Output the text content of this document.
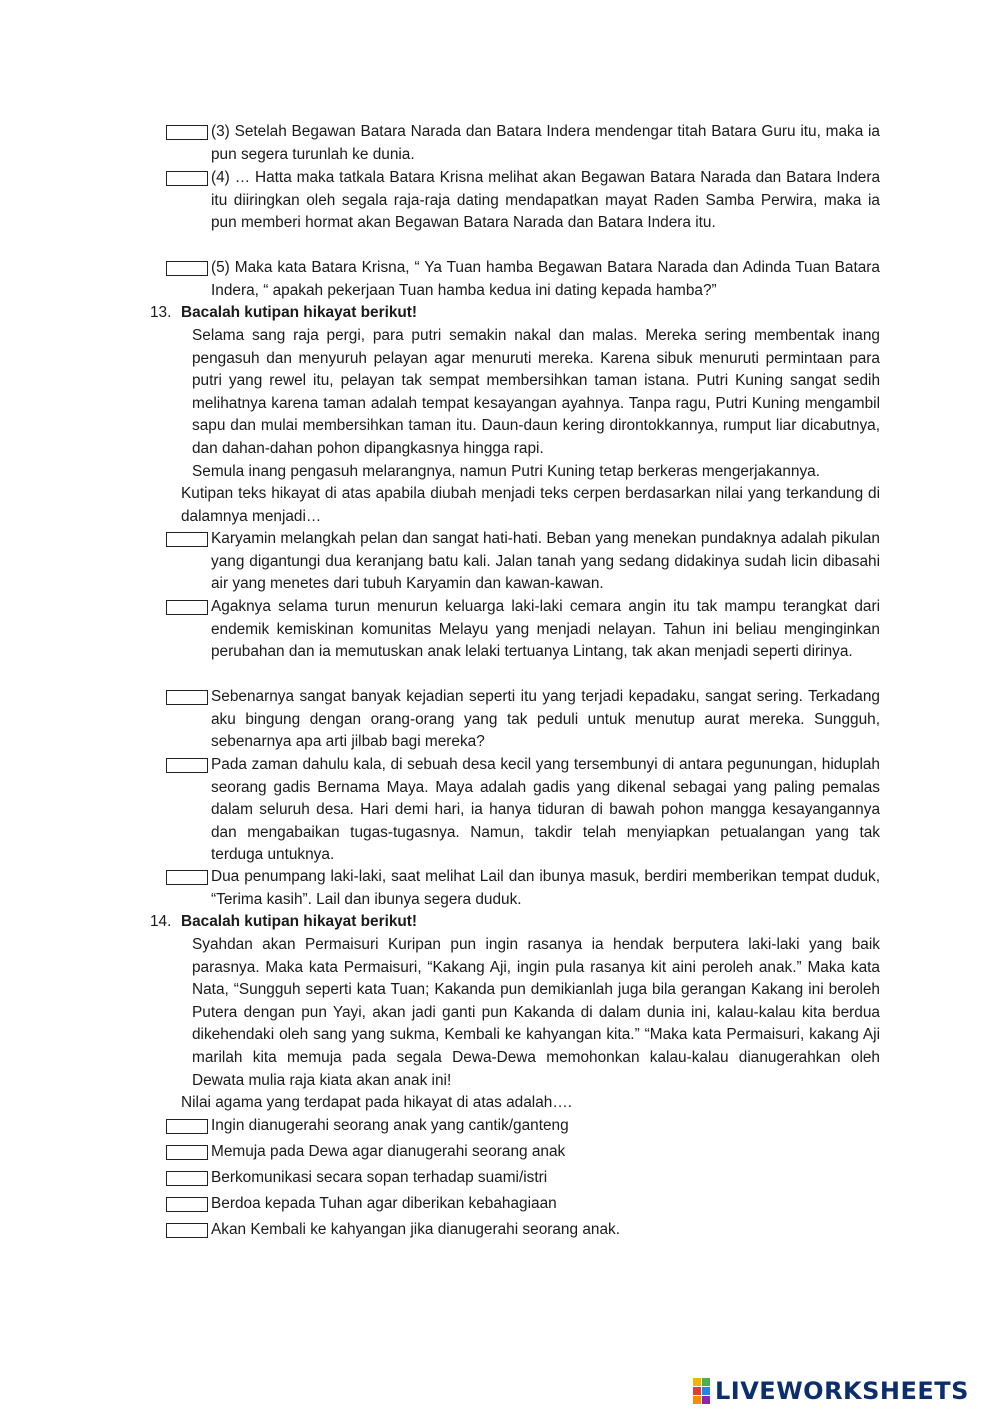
(3) Setelah Begawan Batara Narada dan Batara Indera mendengar titah Batara Guru itu, maka ia pun segera turunlah ke dunia.
(4) … Hatta maka tatkala Batara Krisna melihat akan Begawan Batara Narada dan Batara Indera itu diiringkan oleh segala raja-raja dating mendapatkan mayat Raden Samba Perwira, maka ia pun memberi hormat akan Begawan Batara Narada dan Batara Indera itu.
(5) Maka kata Batara Krisna, “ Ya Tuan hamba Begawan Batara Narada dan Adinda Tuan Batara Indera, “ apakah pekerjaan Tuan hamba kedua ini dating kepada hamba?”
13. Bacalah kutipan hikayat berikut!

Selama sang raja pergi, para putri semakin nakal dan malas. Mereka sering membentak inang pengasuh dan menyuruh pelayan agar menuruti mereka. Karena sibuk menuruti permintaan para putri yang rewel itu, pelayan tak sempat membersihkan taman istana. Putri Kuning sangat sedih melihatnya karena taman adalah tempat kesayangan ayahnya. Tanpa ragu, Putri Kuning mengambil sapu dan mulai membersihkan taman itu. Daun-daun kering dirontokkannya, rumput liar dicabutnya, dan dahan-dahan pohon dipangkasnya hingga rapi.

Semula inang pengasuh melarangnya, namun Putri Kuning tetap berkeras mengerjakannya.

Kutipan teks hikayat di atas apabila diubah menjadi teks cerpen berdasarkan nilai yang terkandung di dalamnya menjadi…
Karyamin melangkah pelan dan sangat hati-hati. Beban yang menekan pundaknya adalah pikulan yang digantungi dua keranjang batu kali. Jalan tanah yang sedang didakinya sudah licin dibasahi air yang menetes dari tubuh Karyamin dan kawan-kawan.
Agaknya selama turun menurun keluarga laki-laki cemara angin itu tak mampu terangkat dari endemik kemiskinan komunitas Melayu yang menjadi nelayan. Tahun ini beliau menginginkan perubahan dan ia memutuskan anak lelaki tertuanya Lintang, tak akan menjadi seperti dirinya.
Sebenarnya sangat banyak kejadian seperti itu yang terjadi kepadaku, sangat sering. Terkadang aku bingung dengan orang-orang yang tak peduli untuk menutup aurat mereka. Sungguh, sebenarnya apa arti jilbab bagi mereka?
Pada zaman dahulu kala, di sebuah desa kecil yang tersembunyi di antara pegunungan, hiduplah seorang gadis Bernama Maya. Maya adalah gadis yang dikenal sebagai yang paling pemalas dalam seluruh desa. Hari demi hari, ia hanya tiduran di bawah pohon mangga kesayangannya dan mengabaikan tugas-tugasnya. Namun, takdir telah menyiapkan petualangan yang tak terduga untuknya.
Dua penumpang laki-laki, saat melihat Lail dan ibunya masuk, berdiri memberikan tempat duduk, “Terima kasih”. Lail dan ibunya segera duduk.
14. Bacalah kutipan hikayat berikut!

Syahdan akan Permaisuri Kuripan pun ingin rasanya ia hendak berputera laki-laki yang baik parasnya. Maka kata Permaisuri, “Kakang Aji, ingin pula rasanya kit aini peroleh anak.” Maka kata Nata, “Sungguh seperti kata Tuan; Kakanda pun demikianlah juga bila gerangan Kakang ini beroleh Putera dengan pun Yayi, akan jadi ganti pun Kakanda di dalam dunia ini, kalau-kalau kita berdua dikehendaki oleh sang yang sukma, Kembali ke kahyangan kita.” “Maka kata Permaisuri, kakang Aji marilah kita memuja pada segala Dewa-Dewa memohonkan kalau-kalau dianugerahkan oleh Dewata mulia raja kiata akan anak ini!

Nilai agama yang terdapat pada hikayat di atas adalah….
Ingin dianugerahi seorang anak yang cantik/ganteng
Memuja pada Dewa agar dianugerahi seorang anak
Berkomunikasi secara sopan terhadap suami/istri
Berdoa kepada Tuhan agar diberikan kebahagiaan
Akan Kembali ke kahyangan jika dianugerahi seorang anak.
LIVEWORKSHEETS
